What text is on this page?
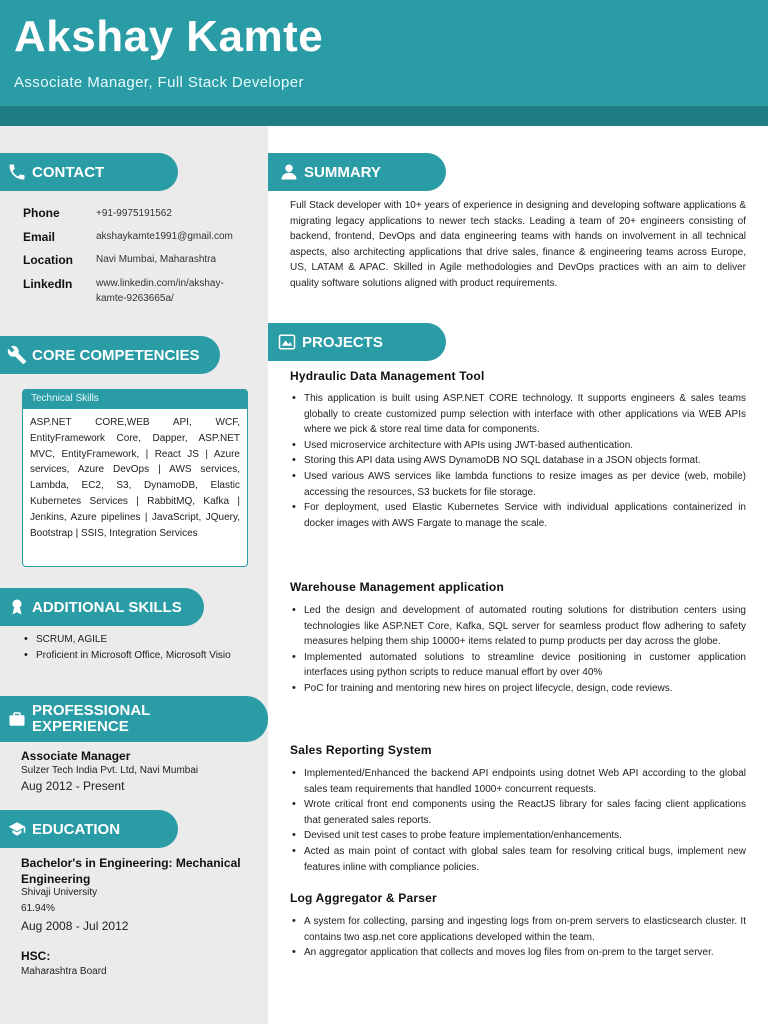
Akshay Kamte
Associate Manager, Full Stack Developer
CONTACT
Phone	+91-9975191562
Email	akshaykamte1991@gmail.com
Location Navi Mumbai, Maharashtra
LinkedIn www.linkedin.com/in/akshay-
kamte-9263665a/
CORE COMPETENCIES
Technical Skills
ASP.NET CORE,WEB API, WCF, EntityFramework Core, Dapper, ASP.NET MVC, EntityFramework, | React JS | Azure services, Azure DevOps | AWS services, Lambda, EC2, S3, DynamoDB, Elastic Kubernetes Services | RabbitMQ, Kafka | Jenkins, Azure pipelines | JavaScript, JQuery, Bootstrap | SSIS, Integration Services
ADDITIONAL SKILLS
• SCRUM, AGILE
• Proficient in Microsoft Office, Microsoft Visio
PROFESSIONAL
EXPERIENCE
Associate Manager
Sulzer Tech India Pvt. Ltd, Navi Mumbai
Aug 2012 - Present
EDUCATION
Bachelor's in Engineering: Mechanical
Engineering
Shivaji University
61.94%
Aug 2008 - Jul 2012
HSC:
Maharashtra Board
SUMMARY
Full Stack developer with 10+ years of experience in designing and developing software applications & migrating legacy applications to newer tech stacks. Leading a team of 20+ engineers consisting of backend, frontend, DevOps and data engineering teams with hands on involvement in all technical aspects, also architecting applications that drive sales, finance & engineering teams across Europe, US, LATAM & APAC. Skilled in Agile methodologies and DevOps practices with an aim to deliver quality software solutions aligned with product requirements.
PROJECTS
Hydraulic Data Management Tool
• This application is built using ASP.NET CORE technology. It supports engineers & sales teams globally to create customized pump selection with interface with other applications via WEB APIs where we pick & store real time data for components.
• Used microservice architecture with APIs using JWT-based authentication.
• Storing this API data using AWS DynamoDB NO SQL database in a JSON objects format.
• Used various AWS services like lambda functions to resize images as per device (web, mobile) accessing the resources, S3 buckets for file storage.
• For deployment, used Elastic Kubernetes Service with individual applications containerized in docker images with AWS Fargate to manage the scale.
Warehouse Management application
• Led the design and development of automated routing solutions for distribution centers using technologies like ASP.NET Core, Kafka, SQL server for seamless product flow adhering to safety measures helping them ship 10000+ items related to pump products per day across the globe.
• Implemented automated solutions to streamline device positioning in customer application interfaces using python scripts to reduce manual effort by over 40%
• PoC for training and mentoring new hires on project lifecycle, design, code reviews.
Sales Reporting System
• Implemented/Enhanced the backend API endpoints using dotnet Web API according to the global sales team requirements that handled 1000+ concurrent requests.
• Wrote critical front end components using the ReactJS library for sales facing client applications that generated sales reports.
• Devised unit test cases to probe feature implementation/enhancements.
• Acted as main point of contact with global sales team for resolving critical bugs, implement new features inline with compliance policies.
Log Aggregator & Parser
• A system for collecting, parsing and ingesting logs from on-prem servers to elasticsearch cluster. It contains two asp.net core applications developed within the team.
• An aggregator application that collects and moves log files from on-prem to the target server.
